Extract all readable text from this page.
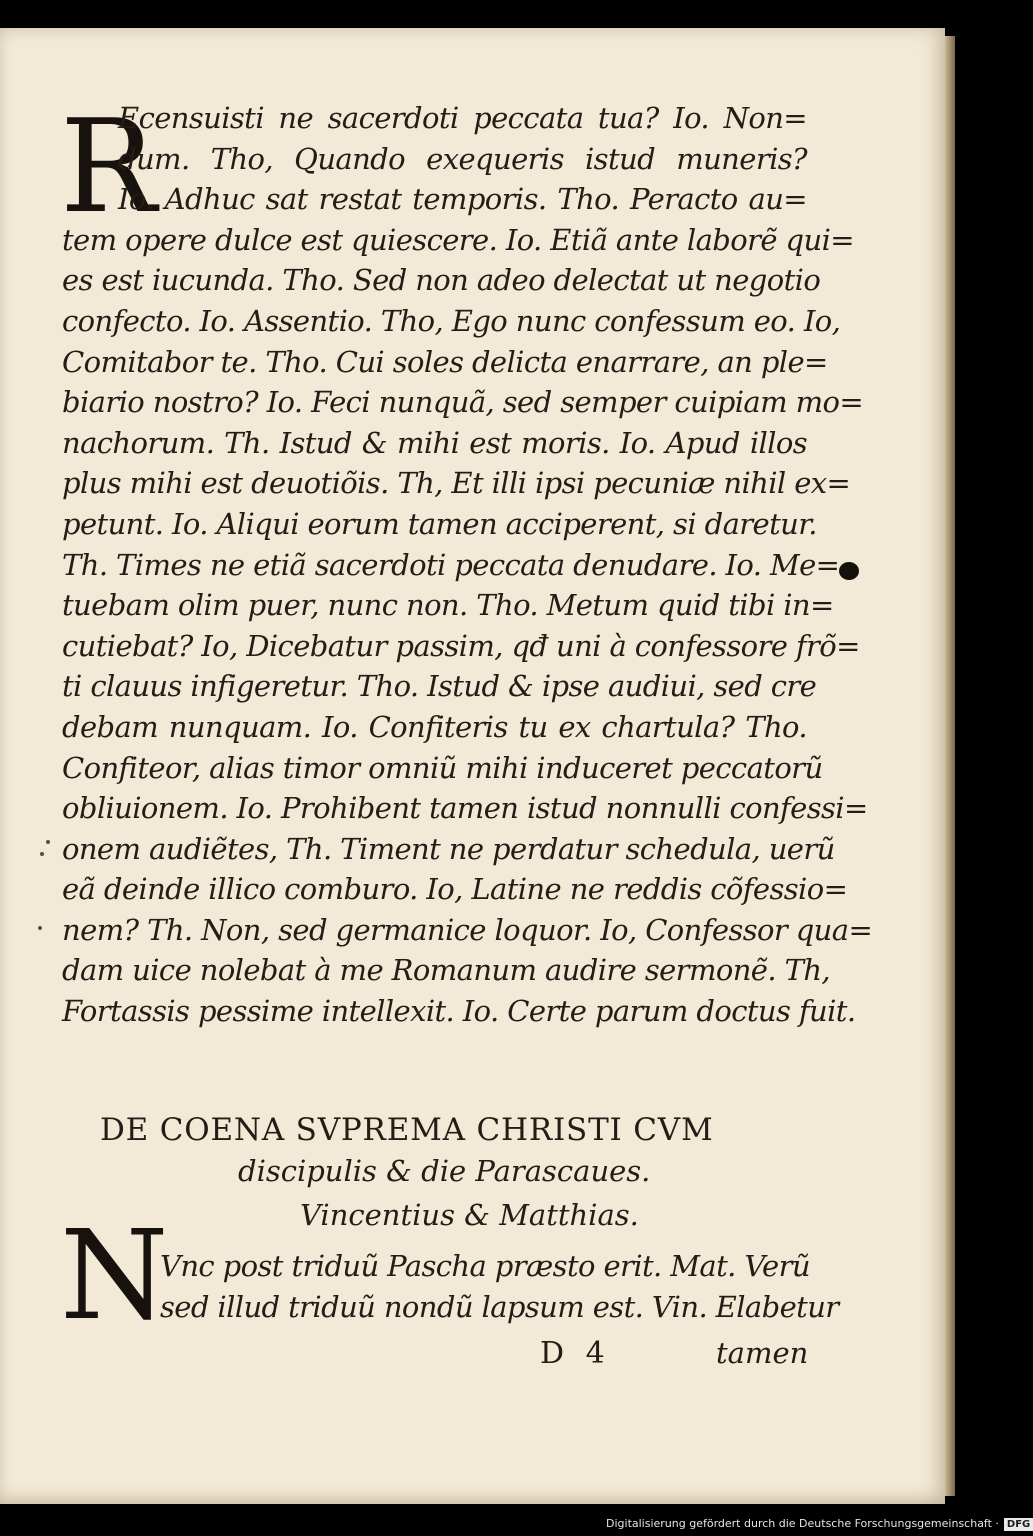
R
Ecensuisti ne sacerdoti peccata tua? Io. Non=
dum. Tho, Quando exequeris istud muneris?
Io. Adhuc sat restat temporis. Tho. Peracto au=
tem opere dulce est quiescere. Io. Etiã ante laborẽ qui=
es est iucunda. Tho. Sed non adeo delectat ut negotio
confecto. Io. Assentio. Tho, Ego nunc confessum eo. Io,
Comitabor te. Tho. Cui soles delicta enarrare, an ple=
biario nostro? Io. Feci nunquã, sed semper cuipiam mo=
nachorum. Th. Istud & mihi est moris. Io. Apud illos
plus mihi est deuotiõis. Th, Et illi ipsi pecuniæ nihil ex=
petunt. Io. Aliqui eorum tamen acciperent, si daretur.
Th. Times ne etiã sacerdoti peccata denudare. Io. Me=
tuebam olim puer, nunc non. Tho. Metum quid tibi in=
cutiebat? Io, Dicebatur passim, qđ uni à confessore frõ=
ti clauus infigeretur. Tho. Istud & ipse audiui, sed cre
debam nunquam. Io. Confiteris tu ex chartula? Tho.
Confiteor, alias timor omniũ mihi induceret peccatorũ
obliuionem. Io. Prohibent tamen istud nonnulli confessi=
onem audiẽtes, Th. Timent ne perdatur schedula, uerũ
eã deinde illico comburo. Io, Latine ne reddis cõfessio=
nem? Th. Non, sed germanice loquor. Io, Confessor qua=
dam uice nolebat à me Romanum audire sermonẽ. Th,
Fortassis pessime intellexit. Io. Certe parum doctus fuit.
DE COENA SVPREMA CHRISTI CVM
discipulis & die Parascaues.
Vincentius & Matthias.
N
Vnc post triduũ Pascha præsto erit. Mat. Verũ
sed illud triduũ nondũ lapsum est. Vin. Elabetur
D 4	tamen
Digitalisierung gefördert durch die Deutsche Forschungsgemeinschaft · DFG
